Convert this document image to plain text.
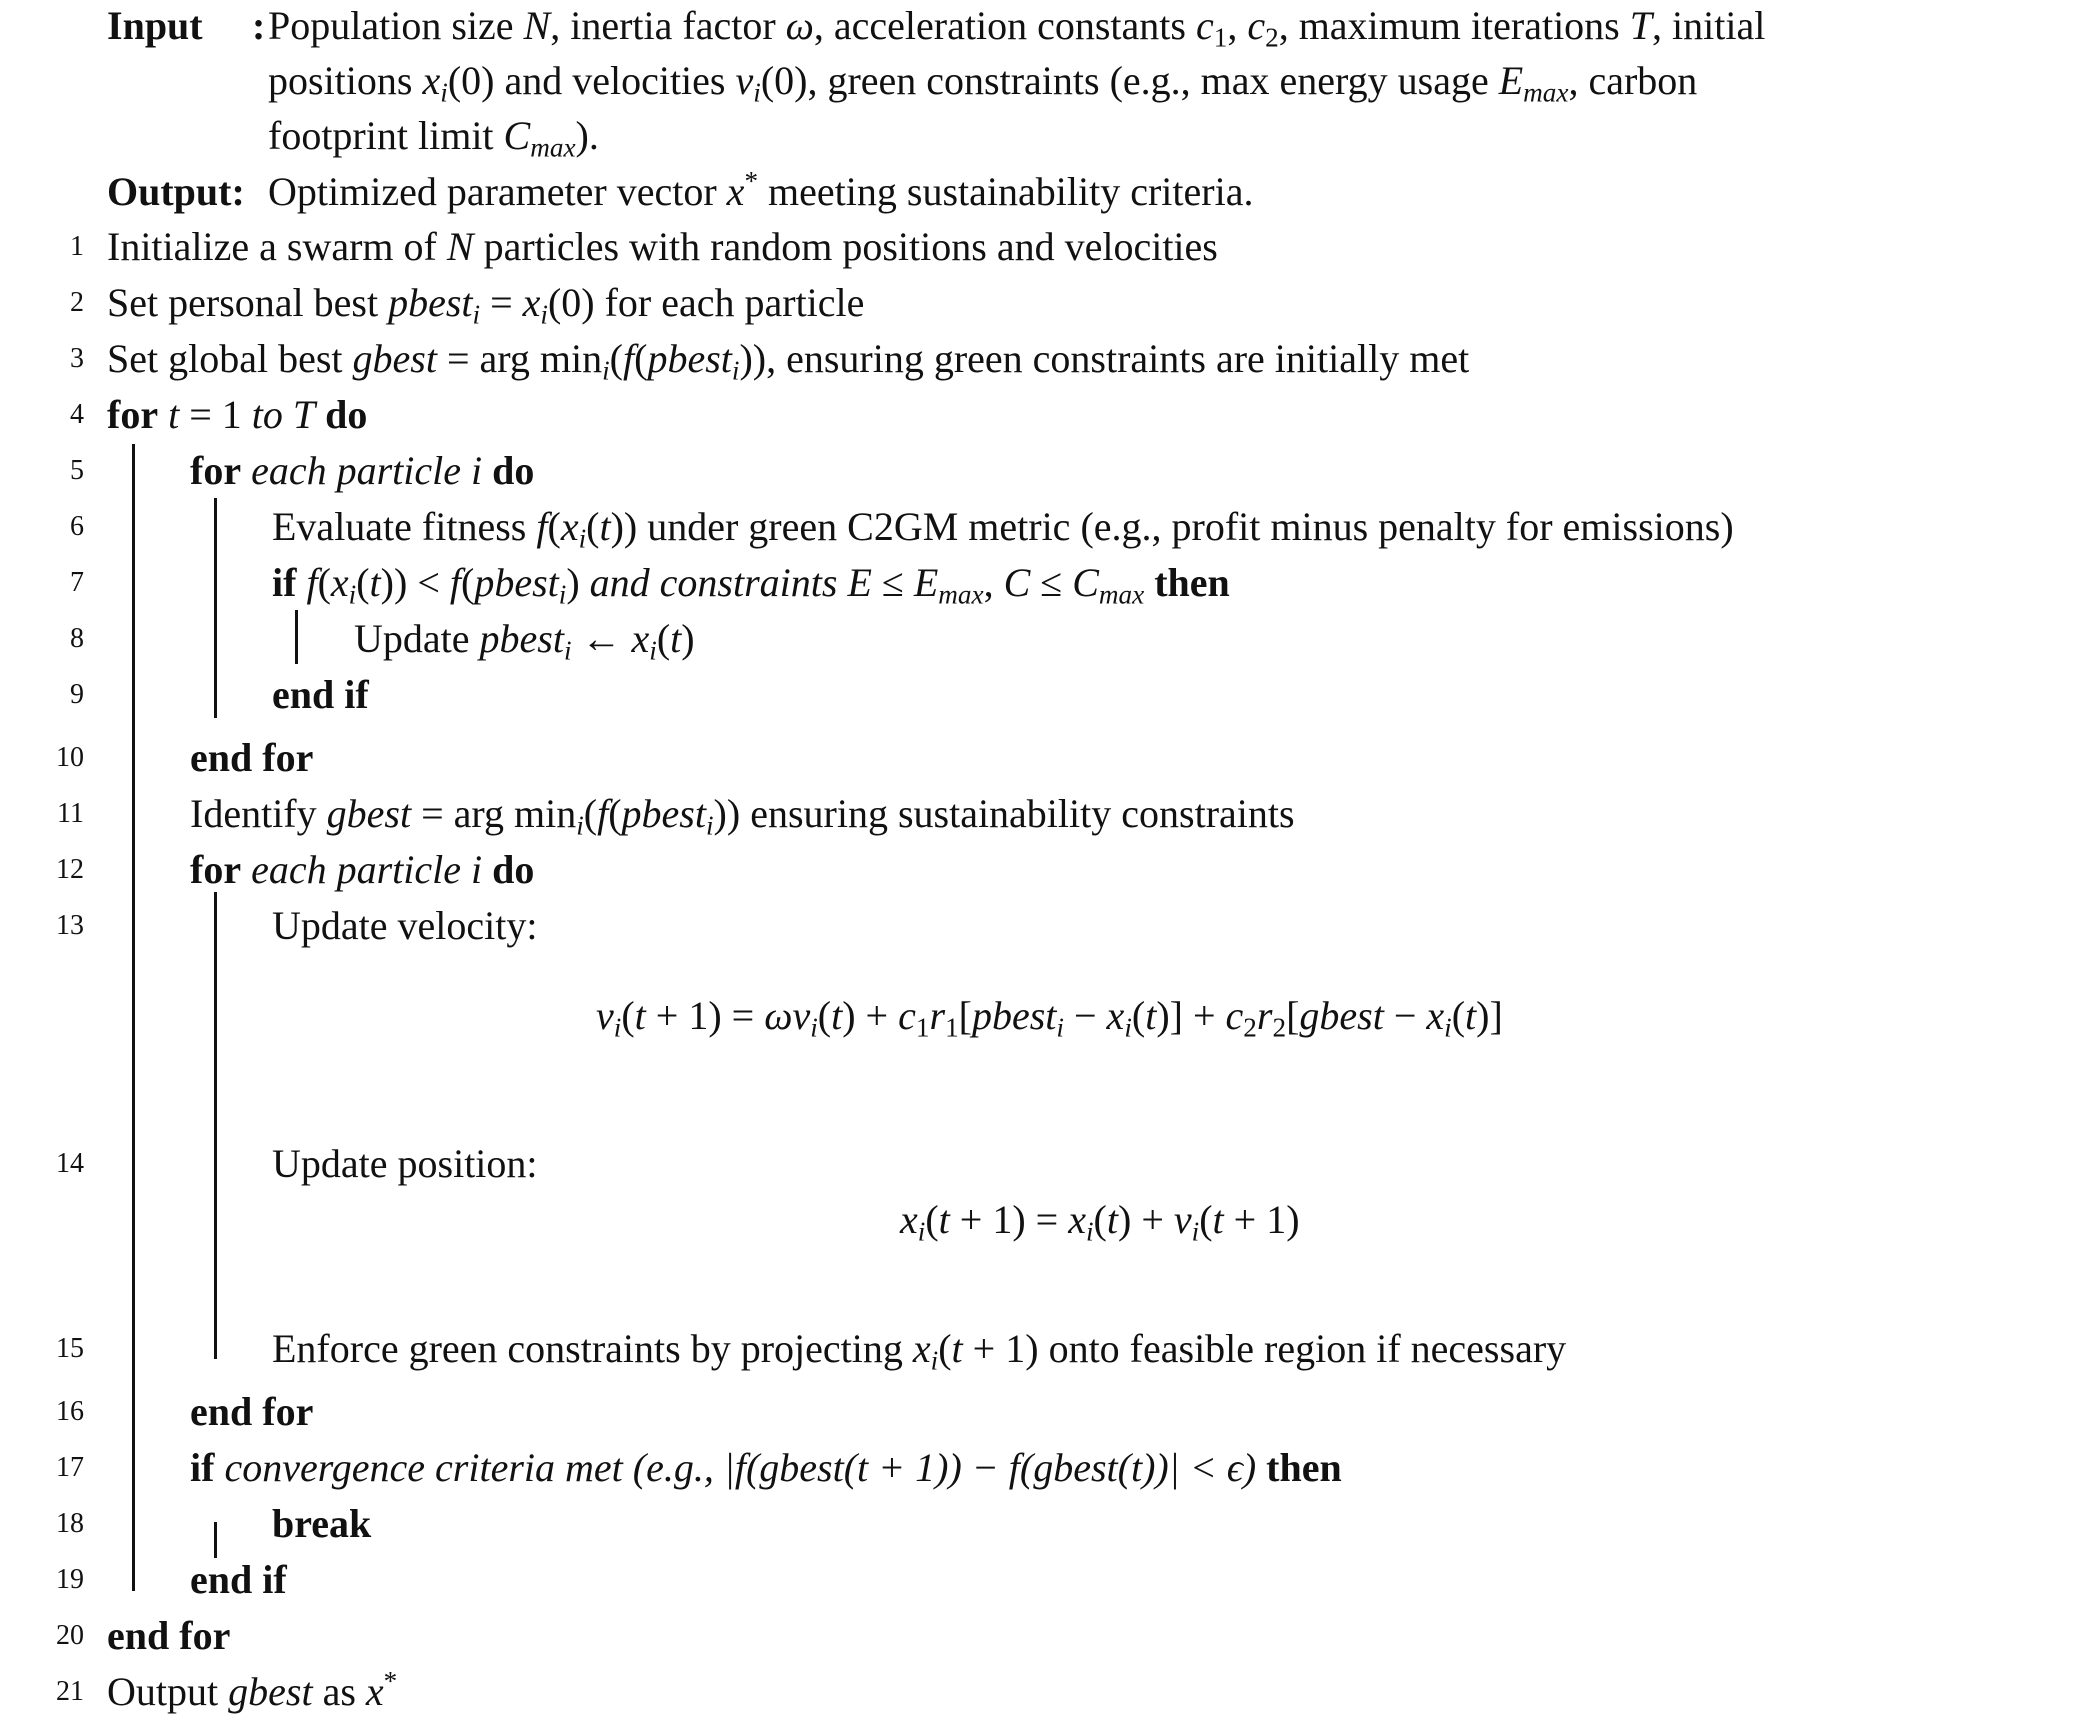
Input : Population size N, inertia factor ω, acceleration constants $c_1$, $c_2$, maximum iterations T, initial
positions $x_i(0)$ and velocities $v_i(0)$, green constraints (e.g., max energy usage $E_{max}$, carbon
footprint limit $C_{max}$).
Output: Optimized parameter vector x* meeting sustainability criteria.
1 Initialize a swarm of N particles with random positions and velocities
2 Set personal best pbest$_i$ = $x_i(0)$ for each particle
3 Set global best gbest = arg $\min_i(f(pbest_i))$, ensuring green constraints are initially met
4 for t = 1 to T do
5	for each particle i do
6	Evaluate fitness $f(x_i(t))$ under green C2GM metric (e.g., profit minus penalty for emissions)
7	if $f(x_i(t))$ < f(pbest$_i$) and constraints $E \le E_{max}$, $C \le C_{max}$ then
8	Update pbest$_i$ ← $x_i(t)$
9	end if
10	end for
11	Identify gbest = arg $\min_i(f(pbest_i))$ ensuring sustainability constraints
12	for each particle i do
13	Update velocity:
$v_i(t + 1) = \omega v_i(t)$ + $c_1r_1[pbest_i - x_i(t)]$ + $c_2r_2[gbest - x_i(t)]$
14	Update position:
$x_i(t + 1) = x_i(t) + v_i(t + 1)$
15	Enforce green constraints by projecting $x_i(t + 1)$ onto feasible region if necessary
16	end for
17	if convergence criteria met (e.g., |f(gbest(t + 1)) − f(gbest(t))| < ϵ) then
18	break
19	end if
20 end for
21 Output gbest as x*
